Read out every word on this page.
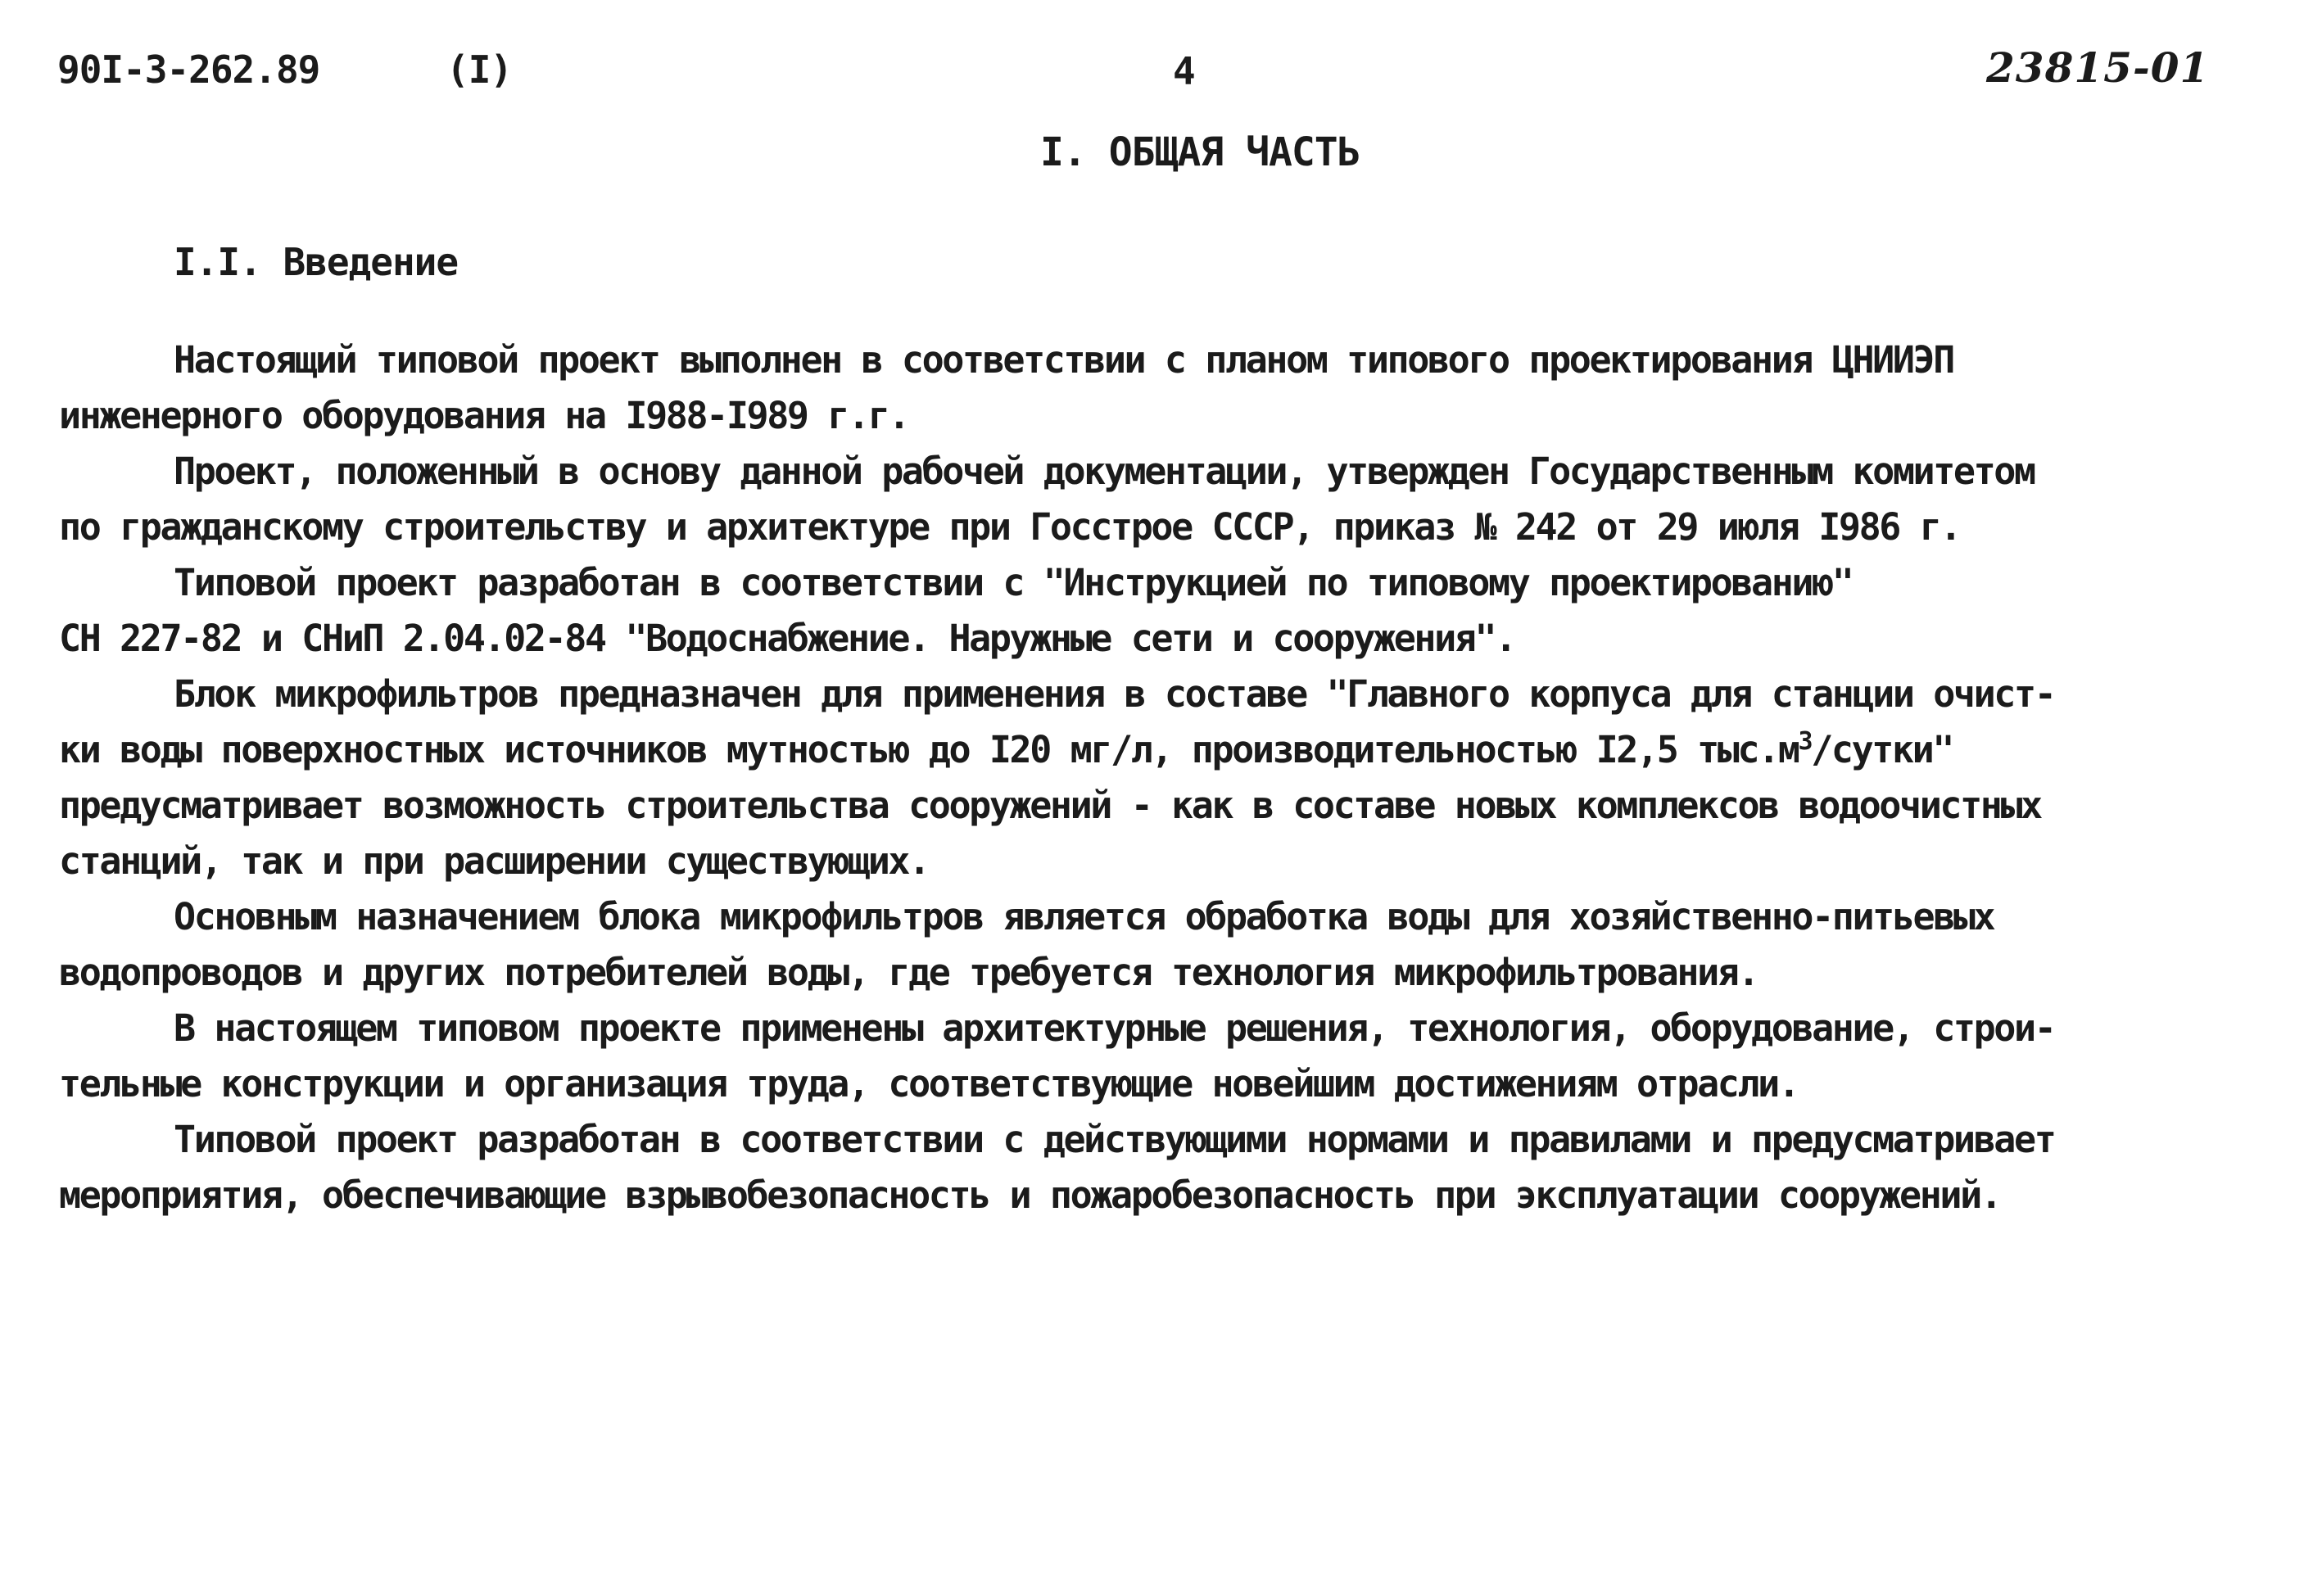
90I-3-262.89	(I)	4	23815-01
I. ОБЩАЯ ЧАСТЬ
I.I. Введение
Настоящий типовой проект выполнен в соответствии с планом типового проектирования ЦНИИЭП
инженерного оборудования на I988-I989 г.г.
Проект, положенный в основу данной рабочей документации, утвержден Государственным комитетом
по гражданскому строительству и архитектуре при Госстрое СССР, приказ № 242 от 29 июля I986 г.
Типовой проект разработан в соответствии с "Инструкцией по типовому проектированию"
СН 227-82 и СНиП 2.04.02-84 "Водоснабжение. Наружные сети и сооружения".
Блок микрофильтров предназначен для применения в составе "Главного корпуса для станции очист-
ки воды поверхностных источников мутностью до I20 мг/л, производительностью I2,5 $тыс.м^3$/сутки"
предусматривает возможность строительства сооружений - как в составе новых комплексов водоочистных
станций, так и при расширении существующих.
Основным назначением блока микрофильтров является обработка воды для хозяйственно-питьевых
водопроводов и других потребителей воды, где требуется технология микрофильтрования.
В настоящем типовом проекте применены архитектурные решения, технология, оборудование, строи-
тельные конструкции и организация труда, соответствующие новейшим достижениям отрасли.
Типовой проект разработан в соответствии с действующими нормами и правилами и предусматривает
мероприятия, обеспечивающие взрывобезопасность и пожаробезопасность при эксплуатации сооружений.
